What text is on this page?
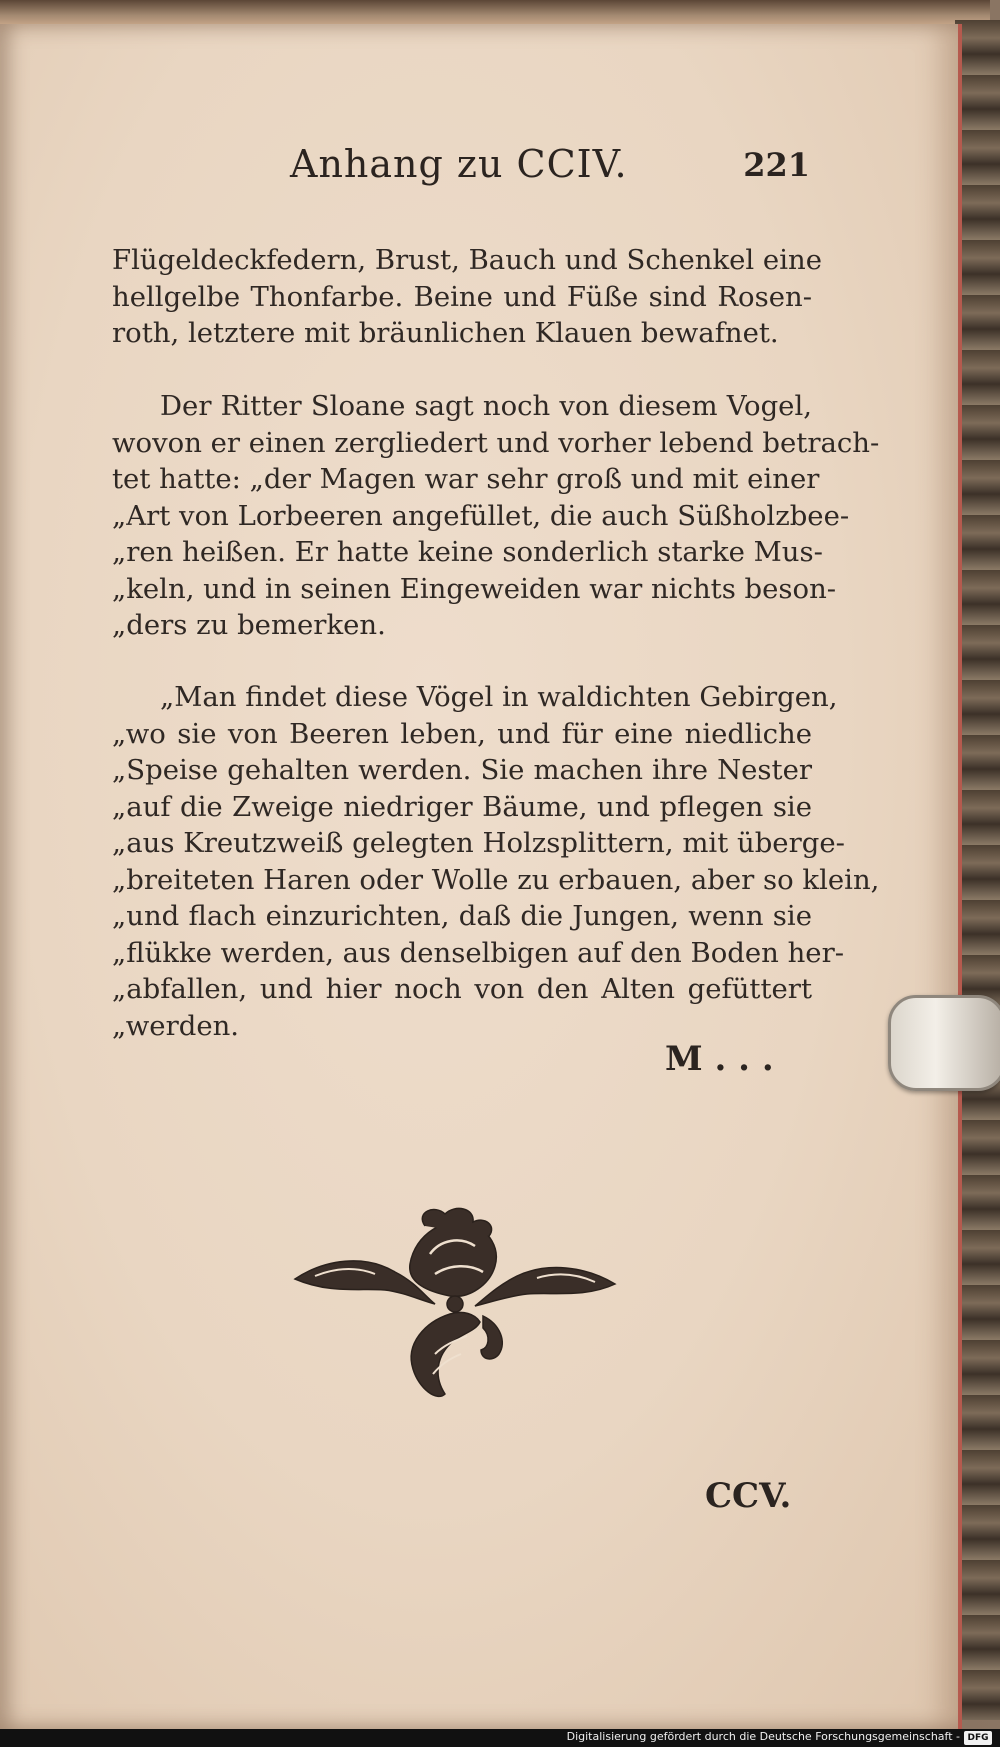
Anhang zu CCIV.	221
Flügeldeckfedern, Brust, Bauch und Schenkel eine
hellgelbe Thonfarbe. Beine und Füße sind Rosen-
roth, letztere mit bräunlichen Klauen bewafnet.
Der Ritter Sloane sagt noch von diesem Vogel,
wovon er einen zergliedert und vorher lebend betrach-
tet hatte: „der Magen war sehr groß und mit einer
„Art von Lorbeeren angefüllet, die auch Süßholzbee-
„ren heißen. Er hatte keine sonderlich starke Mus-
„keln, und in seinen Eingeweiden war nichts beson-
„ders zu bemerken.
„Man findet diese Vögel in waldichten Gebirgen,
„wo sie von Beeren leben, und für eine niedliche
„Speise gehalten werden. Sie machen ihre Nester
„auf die Zweige niedriger Bäume, und pflegen sie
„aus Kreutzweiß gelegten Holzsplittern, mit überge-
„breiteten Haren oder Wolle zu erbauen, aber so klein,
„und flach einzurichten, daß die Jungen, wenn sie
„flükke werden, aus denselbigen auf den Boden her-
„abfallen, und hier noch von den Alten gefüttert
„werden.
M . . .
CCV.
Digitalisierung gefördert durch die Deutsche Forschungsgemeinschaft - DFG
